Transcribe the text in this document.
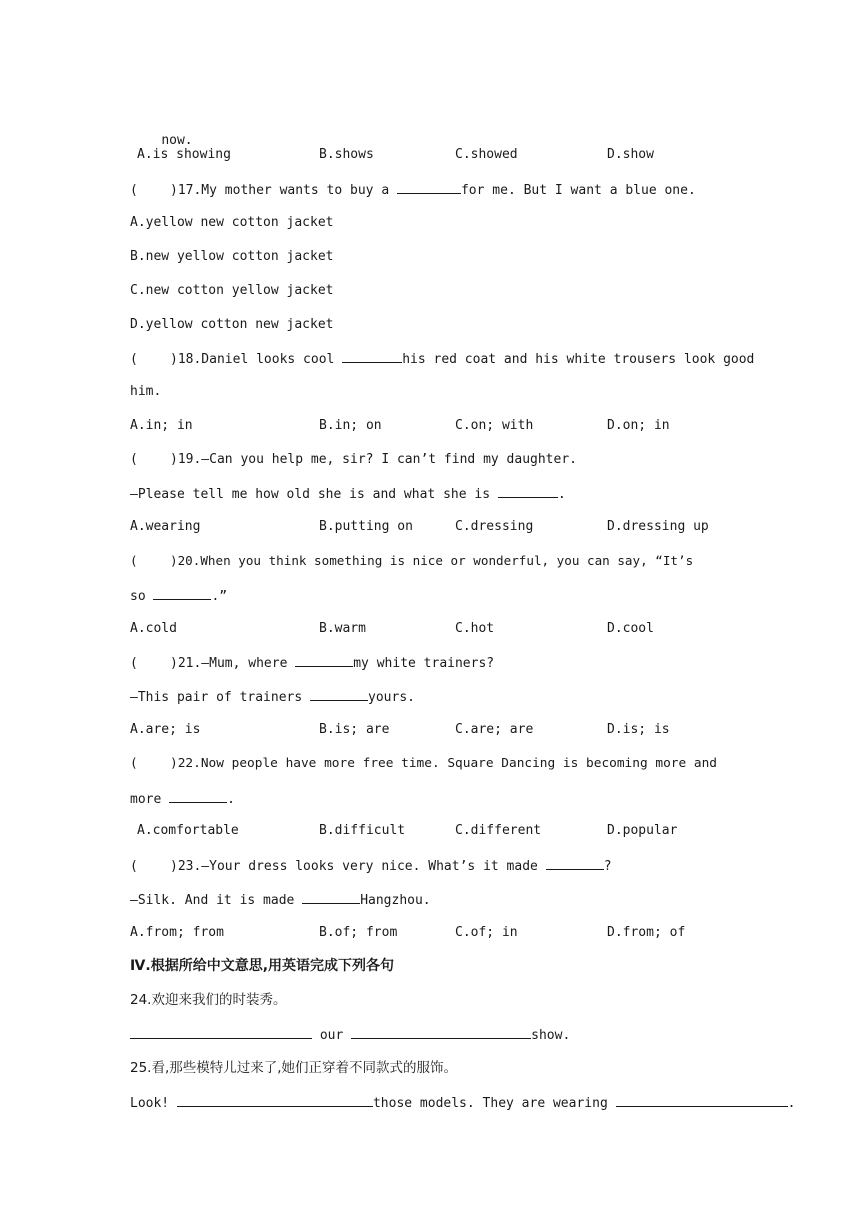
now.

A.is showing

	B.shows

	C.showed

	D.show

( )17.My mother wants to buy a	for me. But I want a blue one.
A.yellow new cotton jacket
B.new yellow cotton jacket
C.new cotton yellow jacket
D.yellow cotton new jacket
( )18.Daniel looks cool	his red coat and his white trousers look good
him.

A.in; in

	B.in; on

	C.on; with

	D.on; in

( )19.—Can you help me, sir? I can’t find my daughter.
—Please tell me how old she is and what she is	.

A.wearing

	B.putting on

	C.dressing

	D.dressing up

(	)20.When you think something is nice or wonderful, you can say, “It’s
so	.”

A.cold

	B.warm

	C.hot

	D.cool

( )21.—Mum, where	my white trainers?
—This pair of trainers	yours.

A.are; is

	B.is; are

	C.are; are

	D.is; is

(	)22.Now people have more free time. Square Dancing is becoming more and
more	.

A.comfortable

	B.difficult

	C.different

	D.popular

( )23.—Your dress looks very nice. What’s it made	?
—Silk. And it is made	Hangzhou.

A.from; from

	B.of; from

	C.of; in

	D.from; of

Ⅳ.根据所给中文意思,用英语完成下列各句
24.欢迎来我们的时装秀。
our	show.
25.看,那些模特儿过来了,她们正穿着不同款式的服饰。
Look!	those models. They are wearing	.
